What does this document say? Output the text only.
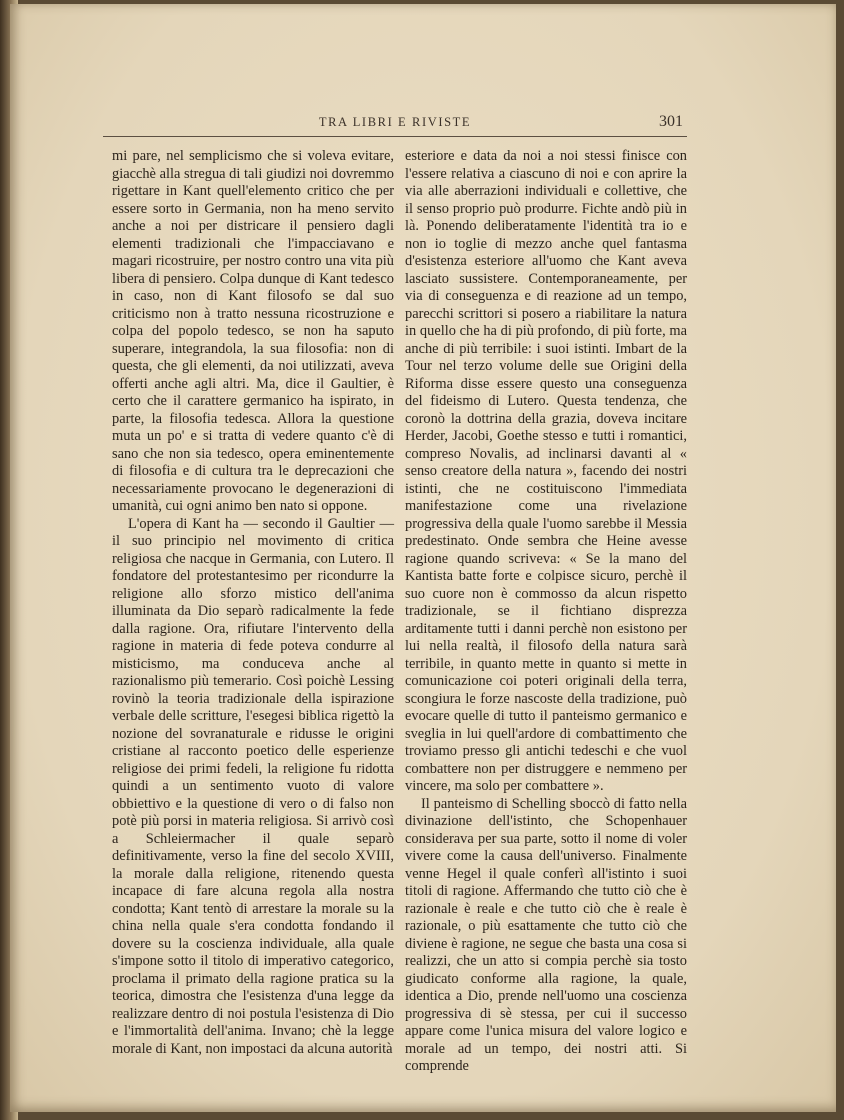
TRA LIBRI E RIVISTE	301

mi pare, nel semplicismo che si voleva evitare, giacchè alla stregua di tali giudizi noi dovremmo rigettare in Kant quell'elemento critico che per essere sorto in Germania, non ha meno servito anche a noi per districare il pensiero dagli elementi tradizionali che l'impacciavano e magari ricostruire, per nostro contro una vita più libera di pensiero. Colpa dunque di Kant tedesco in caso, non di Kant filosofo se dal suo criticismo non à tratto nessuna ricostruzione e colpa del popolo tedesco, se non ha saputo superare, integrandola, la sua filosofia: non di questa, che gli elementi, da noi utilizzati, aveva offerti anche agli altri. Ma, dice il Gaultier, è certo che il carattere germanico ha ispirato, in parte, la filosofia tedesca. Allora la questione muta un po' e si tratta di vedere quanto c'è di sano che non sia tedesco, opera eminentemente di filosofia e di cultura tra le deprecazioni che necessariamente provocano le degenerazioni di umanità, cui ogni animo ben nato si oppone.

L'opera di Kant ha — secondo il Gaultier — il suo principio nel movimento di critica religiosa che nacque in Germania, con Lutero. Il fondatore del protestantesimo per ricondurre la religione allo sforzo mistico dell'anima illuminata da Dio separò radicalmente la fede dalla ragione. Ora, rifiutare l'intervento della ragione in materia di fede poteva condurre al misticismo, ma conduceva anche al razionalismo più temerario. Così poichè Lessing rovinò la teoria tradizionale della ispirazione verbale delle scritture, l'esegesi biblica rigettò la nozione del sovranaturale e ridusse le origini cristiane al racconto poetico delle esperienze religiose dei primi fedeli, la religione fu ridotta quindi a un sentimento vuoto di valore obbiettivo e la questione di vero o di falso non potè più porsi in materia religiosa. Si arrivò così a Schleiermacher il quale separò definitivamente, verso la fine del secolo XVIII, la morale dalla religione, ritenendo questa incapace di fare alcuna regola alla nostra condotta; Kant tentò di arrestare la morale su la china nella quale s'era condotta fondando il dovere su la coscienza individuale, alla quale s'impone sotto il titolo di imperativo categorico, proclama il primato della ragione pratica su la teorica, dimostra che l'esistenza d'una legge da realizzare dentro di noi postula l'esistenza di Dio e l'immortalità dell'anima. Invano; chè la legge morale di Kant, non impostaci da alcuna autorità

esteriore e data da noi a noi stessi finisce con l'essere relativa a ciascuno di noi e con aprire la via alle aberrazioni individuali e collettive, che il senso proprio può produrre. Fichte andò più in là. Ponendo deliberatamente l'identità tra io e non io toglie di mezzo anche quel fantasma d'esistenza esteriore all'uomo che Kant aveva lasciato sussistere. Contemporaneamente, per via di conseguenza e di reazione ad un tempo, parecchi scrittori si posero a riabilitare la natura in quello che ha di più profondo, di più forte, ma anche di più terribile: i suoi istinti. Imbart de la Tour nel terzo volume delle sue Origini della Riforma disse essere questo una conseguenza del fideismo di Lutero. Questa tendenza, che coronò la dottrina della grazia, doveva incitare Herder, Jacobi, Goethe stesso e tutti i romantici, compreso Novalis, ad inclinarsi davanti al « senso creatore della natura », facendo dei nostri istinti, che ne costituiscono l'immediata manifestazione come una rivelazione progressiva della quale l'uomo sarebbe il Messia predestinato. Onde sembra che Heine avesse ragione quando scriveva: « Se la mano del Kantista batte forte e colpisce sicuro, perchè il suo cuore non è commosso da alcun rispetto tradizionale, se il fichtiano disprezza arditamente tutti i danni perchè non esistono per lui nella realtà, il filosofo della natura sarà terribile, in quanto mette in quanto si mette in comunicazione coi poteri originali della terra, scongiura le forze nascoste della tradizione, può evocare quelle di tutto il panteismo germanico e sveglia in lui quell'ardore di combattimento che troviamo presso gli antichi tedeschi e che vuol combattere non per distruggere e nemmeno per vincere, ma solo per combattere ».

Il panteismo di Schelling sboccò di fatto nella divinazione dell'istinto, che Schopenhauer considerava per sua parte, sotto il nome di voler vivere come la causa dell'universo. Finalmente venne Hegel il quale conferì all'istinto i suoi titoli di ragione. Affermando che tutto ciò che è razionale è reale e che tutto ciò che è reale è razionale, o più esattamente che tutto ciò che diviene è ragione, ne segue che basta una cosa si realizzi, che un atto si compia perchè sia tosto giudicato conforme alla ragione, la quale, identica a Dio, prende nell'uomo una coscienza progressiva di sè stessa, per cui il successo appare come l'unica misura del valore logico e morale ad un tempo, dei nostri atti. Si comprende
